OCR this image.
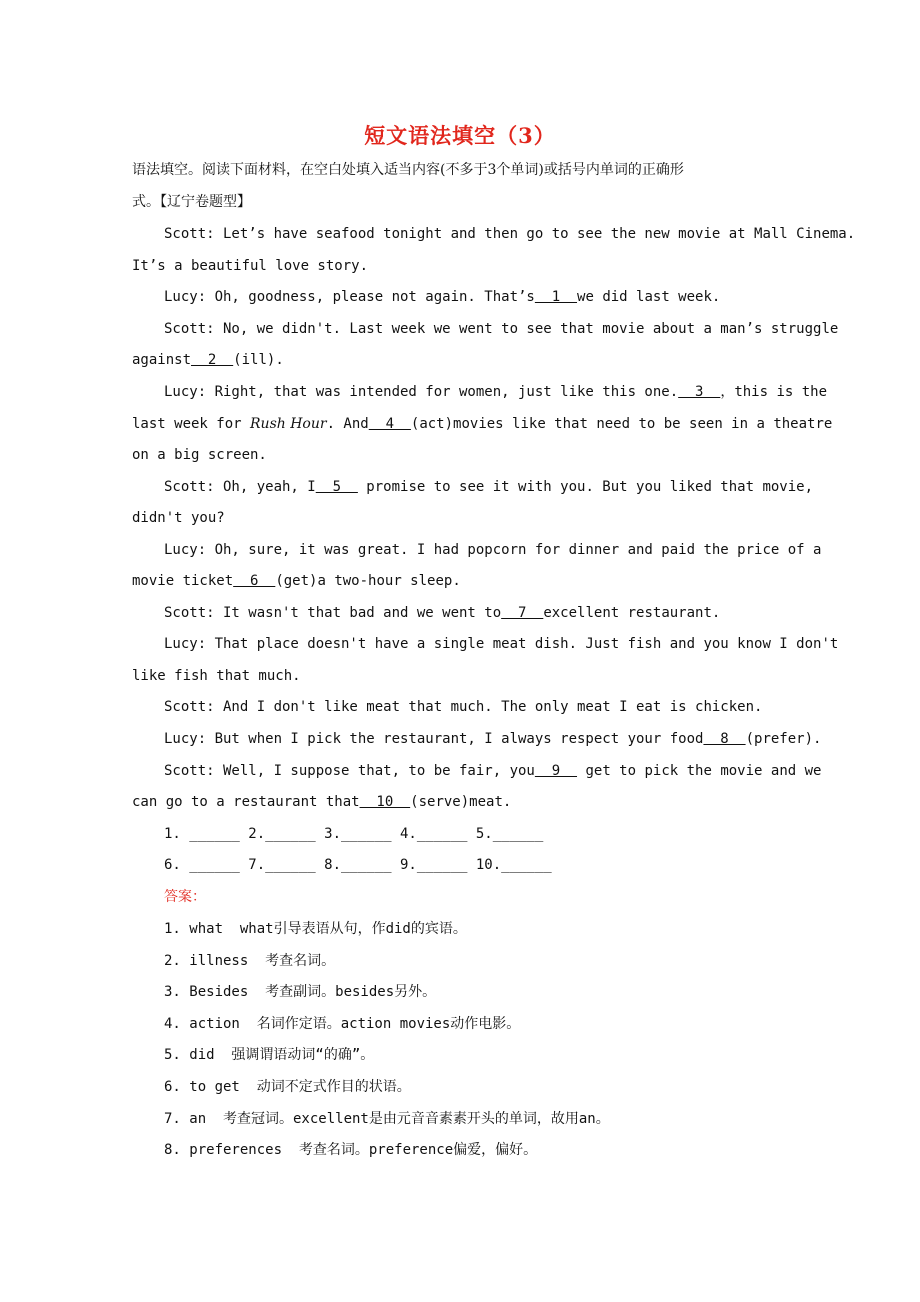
短文语法填空（3）
语法填空。阅读下面材料，在空白处填入适当内容(不多于3个单词)或括号内单词的正确形
式。【辽宁卷题型】
Scott: Let’s have seafood tonight and then go to see the new movie at Mall Cinema.
It’s a beautiful love story.
Lucy: Oh, goodness, please not again. That’s  1  we did last week.
Scott: No, we didn't. Last week we went to see that movie about a man’s struggle
against  2  (ill).
Lucy: Right, that was intended for women, just like this one.  3  ， this is the
last week for Rush Hour. And  4  (act)movies like that need to be seen in a theatre
on a big screen.
Scott: Oh, yeah, I  5   promise to see it with you. But you liked that movie,
didn't you?
Lucy: Oh, sure, it was great. I had popcorn for dinner and paid the price of a
movie ticket  6  (get)a two-hour sleep.
Scott: It wasn't that bad and we went to  7  excellent restaurant.
Lucy: That place doesn't have a single meat dish. Just fish and you know I don't
like fish that much.
Scott: And I don't like meat that much. The only meat I eat is chicken.
Lucy: But when I pick the restaurant, I always respect your food  8  (prefer).
Scott: Well, I suppose that, to be fair, you  9   get to pick the movie and we
can go to a restaurant that  10  (serve)meat.
1. ______ 2.______ 3.______ 4.______ 5.______
6. ______ 7.______ 8.______ 9.______ 10.______
答案：
1. what  what引导表语从句，作did的宾语。
2. illness  考查名词。
3. Besides  考查副词。besides另外。
4. action  名词作定语。action movies动作电影。
5. did  强调谓语动词“的确”。
6. to get  动词不定式作目的状语。
7. an  考查冠词。excellent是由元音音素素开头的单词，故用an。
8. preferences  考查名词。preference偏爱，偏好。
